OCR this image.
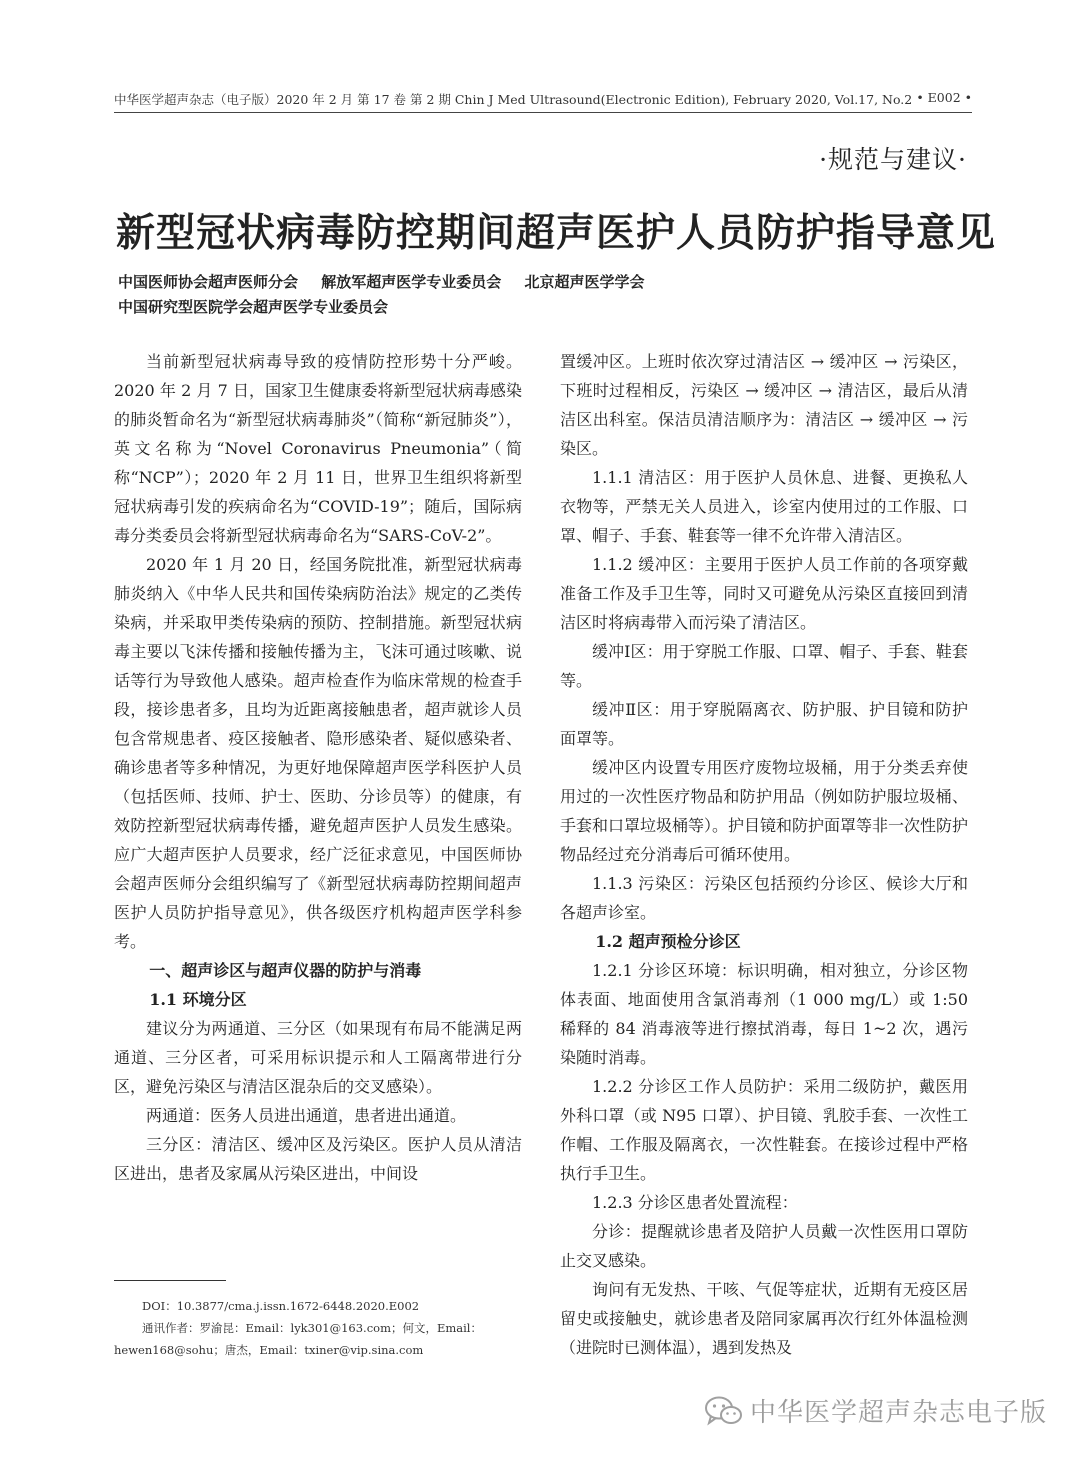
中华医学超声杂志（电子版）2020 年 2 月 第 17 卷 第 2 期 Chin J Med Ultrasound(Electronic Edition), February 2020, Vol.17, No.2 • E002 •
·规范与建议·
新型冠状病毒防控期间超声医护人员防护指导意见
中国医师协会超声医师分会 解放军超声医学专业委员会 北京超声医学学会
中国研究型医院学会超声医学专业委员会

当前新型冠状病毒导致的疫情防控形势十分严峻。2020 年 2 月 7 日，国家卫生健康委将新型冠状病毒感染的肺炎暂命名为“新型冠状病毒肺炎”（简称“新冠肺炎”），英文名称为“Novel Coronavirus Pneumonia”（简称“NCP”）；2020 年 2 月 11 日，世界卫生组织将新型冠状病毒引发的疾病命名为“COVID-19”；随后，国际病毒分类委员会将新型冠状病毒命名为“SARS-CoV-2”。

2020 年 1 月 20 日，经国务院批准，新型冠状病毒肺炎纳入《中华人民共和国传染病防治法》规定的乙类传染病，并采取甲类传染病的预防、控制措施。新型冠状病毒主要以飞沫传播和接触传播为主，飞沫可通过咳嗽、说话等行为导致他人感染。超声检查作为临床常规的检查手段，接诊患者多，且均为近距离接触患者，超声就诊人员包含常规患者、疫区接触者、隐形感染者、疑似感染者、确诊患者等多种情况，为更好地保障超声医学科医护人员（包括医师、技师、护士、医助、分诊员等）的健康，有效防控新型冠状病毒传播，避免超声医护人员发生感染。应广大超声医护人员要求，经广泛征求意见，中国医师协会超声医师分会组织编写了《新型冠状病毒防控期间超声医护人员防护指导意见》，供各级医疗机构超声医学科参考。

一、超声诊区与超声仪器的防护与消毒
1.1 环境分区

建议分为两通道、三分区（如果现有布局不能满足两通道、三分区者，可采用标识提示和人工隔离带进行分区，避免污染区与清洁区混杂后的交叉感染）。

两通道：医务人员进出通道，患者进出通道。

三分区：清洁区、缓冲区及污染区。医护人员从清洁区进出，患者及家属从污染区进出，中间设

置缓冲区。上班时依次穿过清洁区 → 缓冲区 → 污染区，下班时过程相反，污染区 → 缓冲区 → 清洁区，最后从清洁区出科室。保洁员清洁顺序为：清洁区 → 缓冲区 → 污染区。

1.1.1 清洁区：用于医护人员休息、进餐、更换私人衣物等，严禁无关人员进入，诊室内使用过的工作服、口罩、帽子、手套、鞋套等一律不允许带入清洁区。

1.1.2 缓冲区：主要用于医护人员工作前的各项穿戴准备工作及手卫生等，同时又可避免从污染区直接回到清洁区时将病毒带入而污染了清洁区。

缓冲Ⅰ区：用于穿脱工作服、口罩、帽子、手套、鞋套等。

缓冲Ⅱ区：用于穿脱隔离衣、防护服、护目镜和防护面罩等。

缓冲区内设置专用医疗废物垃圾桶，用于分类丢弃使用过的一次性医疗物品和防护用品（例如防护服垃圾桶、手套和口罩垃圾桶等）。护目镜和防护面罩等非一次性防护物品经过充分消毒后可循环使用。

1.1.3 污染区：污染区包括预约分诊区、候诊大厅和各超声诊室。

1.2 超声预检分诊区

1.2.1 分诊区环境：标识明确，相对独立，分诊区物体表面、地面使用含氯消毒剂（1 000 mg/L）或 1:50 稀释的 84 消毒液等进行擦拭消毒，每日 1~2 次，遇污染随时消毒。

1.2.2 分诊区工作人员防护：采用二级防护，戴医用外科口罩（或 N95 口罩）、护目镜、乳胶手套、一次性工作帽、工作服及隔离衣，一次性鞋套。在接诊过程中严格执行手卫生。

1.2.3 分诊区患者处置流程：

分诊：提醒就诊患者及陪护人员戴一次性医用口罩防止交叉感染。

询问有无发热、干咳、气促等症状，近期有无疫区居留史或接触史，就诊患者及陪同家属再次行红外体温检测（进院时已测体温），遇到发热及

DOI：10.3877/cma.j.issn.1672-6448.2020.E002
通讯作者：罗渝昆：Email：lyk301@163.com；何文，Email：
hewen168@sohu；唐杰，Email：txiner@vip.sina.com
中华医学超声杂志电子版
